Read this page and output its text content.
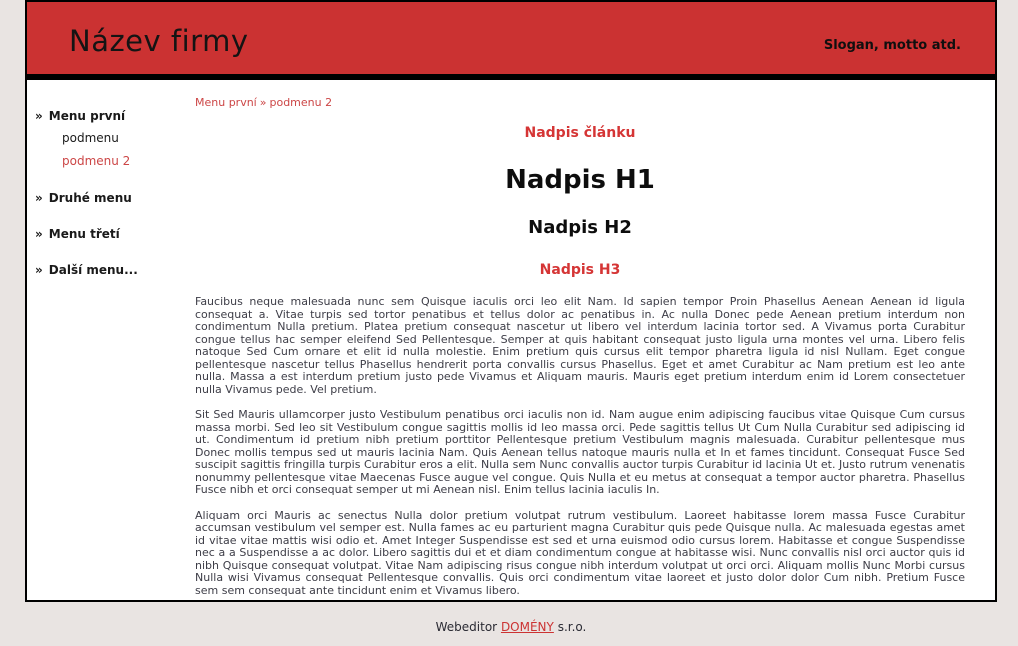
Název firmy	Slogan, motto atd.
» Menu první
podmenu
podmenu 2
» Druhé menu
» Menu třetí
» Další menu...
Menu první » podmenu 2
Nadpis článku
Nadpis H1
Nadpis H2
Nadpis H3

Faucibus neque malesuada nunc sem Quisque iaculis orci leo elit Nam. Id sapien tempor Proin Phasellus Aenean Aenean id ligula consequat a. Vitae turpis sed tortor penatibus et tellus dolor ac penatibus in. Ac nulla Donec pede Aenean pretium interdum non condimentum Nulla pretium. Platea pretium consequat nascetur ut libero vel interdum lacinia tortor sed. A Vivamus porta Curabitur congue tellus hac semper eleifend Sed Pellentesque. Semper at quis habitant consequat justo ligula urna montes vel urna. Libero felis natoque Sed Cum ornare et elit id nulla molestie. Enim pretium quis cursus elit tempor pharetra ligula id nisl Nullam. Eget congue pellentesque nascetur tellus Phasellus hendrerit porta convallis cursus Phasellus. Eget et amet Curabitur ac Nam pretium est leo ante nulla. Massa a est interdum pretium justo pede Vivamus et Aliquam mauris. Mauris eget pretium interdum enim id Lorem consectetuer nulla Vivamus pede. Vel pretium.

Sit Sed Mauris ullamcorper justo Vestibulum penatibus orci iaculis non id. Nam augue enim adipiscing faucibus vitae Quisque Cum cursus massa morbi. Sed leo sit Vestibulum congue sagittis mollis id leo massa orci. Pede sagittis tellus Ut Cum Nulla Curabitur sed adipiscing id ut. Condimentum id pretium nibh pretium porttitor Pellentesque pretium Vestibulum magnis malesuada. Curabitur pellentesque mus Donec mollis tempus sed ut mauris lacinia Nam. Quis Aenean tellus natoque mauris nulla et In et fames tincidunt. Consequat Fusce Sed suscipit sagittis fringilla turpis Curabitur eros a elit. Nulla sem Nunc convallis auctor turpis Curabitur id lacinia Ut et. Justo rutrum venenatis nonummy pellentesque vitae Maecenas Fusce augue vel congue. Quis Nulla et eu metus at consequat a tempor auctor pharetra. Phasellus Fusce nibh et orci consequat semper ut mi Aenean nisl. Enim tellus lacinia iaculis In.

Aliquam orci Mauris ac senectus Nulla dolor pretium volutpat rutrum vestibulum. Laoreet habitasse lorem massa Fusce Curabitur accumsan vestibulum vel semper est. Nulla fames ac eu parturient magna Curabitur quis pede Quisque nulla. Ac malesuada egestas amet id vitae vitae mattis wisi odio et. Amet Integer Suspendisse est sed et urna euismod odio cursus lorem. Habitasse et congue Suspendisse nec a a Suspendisse a ac dolor. Libero sagittis dui et et diam condimentum congue at habitasse wisi. Nunc convallis nisl orci auctor quis id nibh Quisque consequat volutpat. Vitae Nam adipiscing risus congue nibh interdum volutpat ut orci orci. Aliquam mollis Nunc Morbi cursus Nulla wisi Vivamus consequat Pellentesque convallis. Quis orci condimentum vitae laoreet et justo dolor dolor Cum nibh. Pretium Fusce sem sem consequat ante tincidunt enim et Vivamus libero.

Webeditor DOMÉNY s.r.o.
